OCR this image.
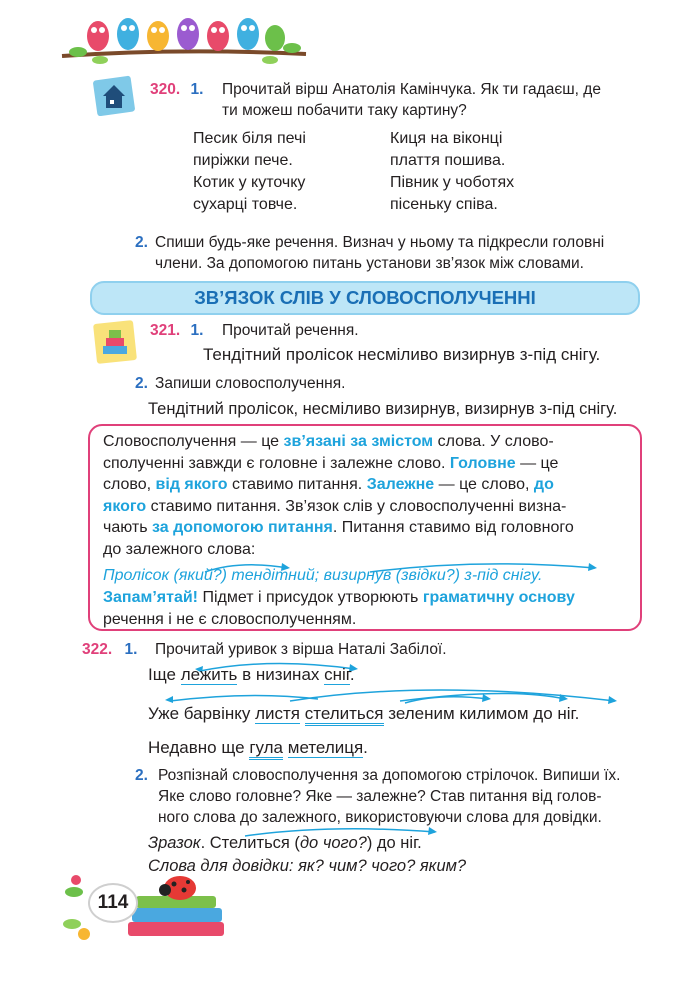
320. 1. Прочитай вірш Анатолія Камінчука. Як ти гадаєш, де
ти можеш побачити таку картину?
Песик біля печі
пиріжки пече.
Котик у куточку
сухарці товче.
Киця на віконці
плаття пошива.
Півник у чоботях
пісеньку співа.
2. Спиши будь-яке речення. Визнач у ньому та підкресли головні
члени. За допомогою питань установи зв’язок між словами.
ЗВ’ЯЗОК СЛІВ У СЛОВОСПОЛУЧЕННІ
321. 1. Прочитай речення.
Тендітний пролісок несміливо визирнув з-під снігу.
2. Запиши словосполучення.
Тендітний пролісок, несміливо визирнув, визирнув з-під снігу.
Словосполучення — це зв’язані за змістом слова. У слово-
сполученні завжди є головне і залежне слово. Головне — це
слово, від якого ставимо питання. Залежне — це слово, до
якого ставимо питання. Зв’язок слів у словосполученні визна-
чають за допомогою питання. Питання ставимо від головного
до залежного слова:
Пролісок (який?) тендітний; визирнув (звідки?) з-під снігу.
Запам’ятай! Підмет і присудок утворюють граматичну основу
речення і не є словосполученням.
322. 1. Прочитай уривок з вірша Наталі Забілої.
Іще лежить в низинах сніг.
Уже барвінку листя стелиться зеленим килимом до ніг.
Недавно ще гула метелиця.
2. Розпізнай словосполучення за допомогою стрілочок. Випиши їх.
Яке слово головне? Яке — залежне? Став питання від голов-
ного слова до залежного, використовуючи слова для довідки.
Зразок. Стелиться (до чого?) до ніг.
Слова для довідки: як? чим? чого? яким?
114
